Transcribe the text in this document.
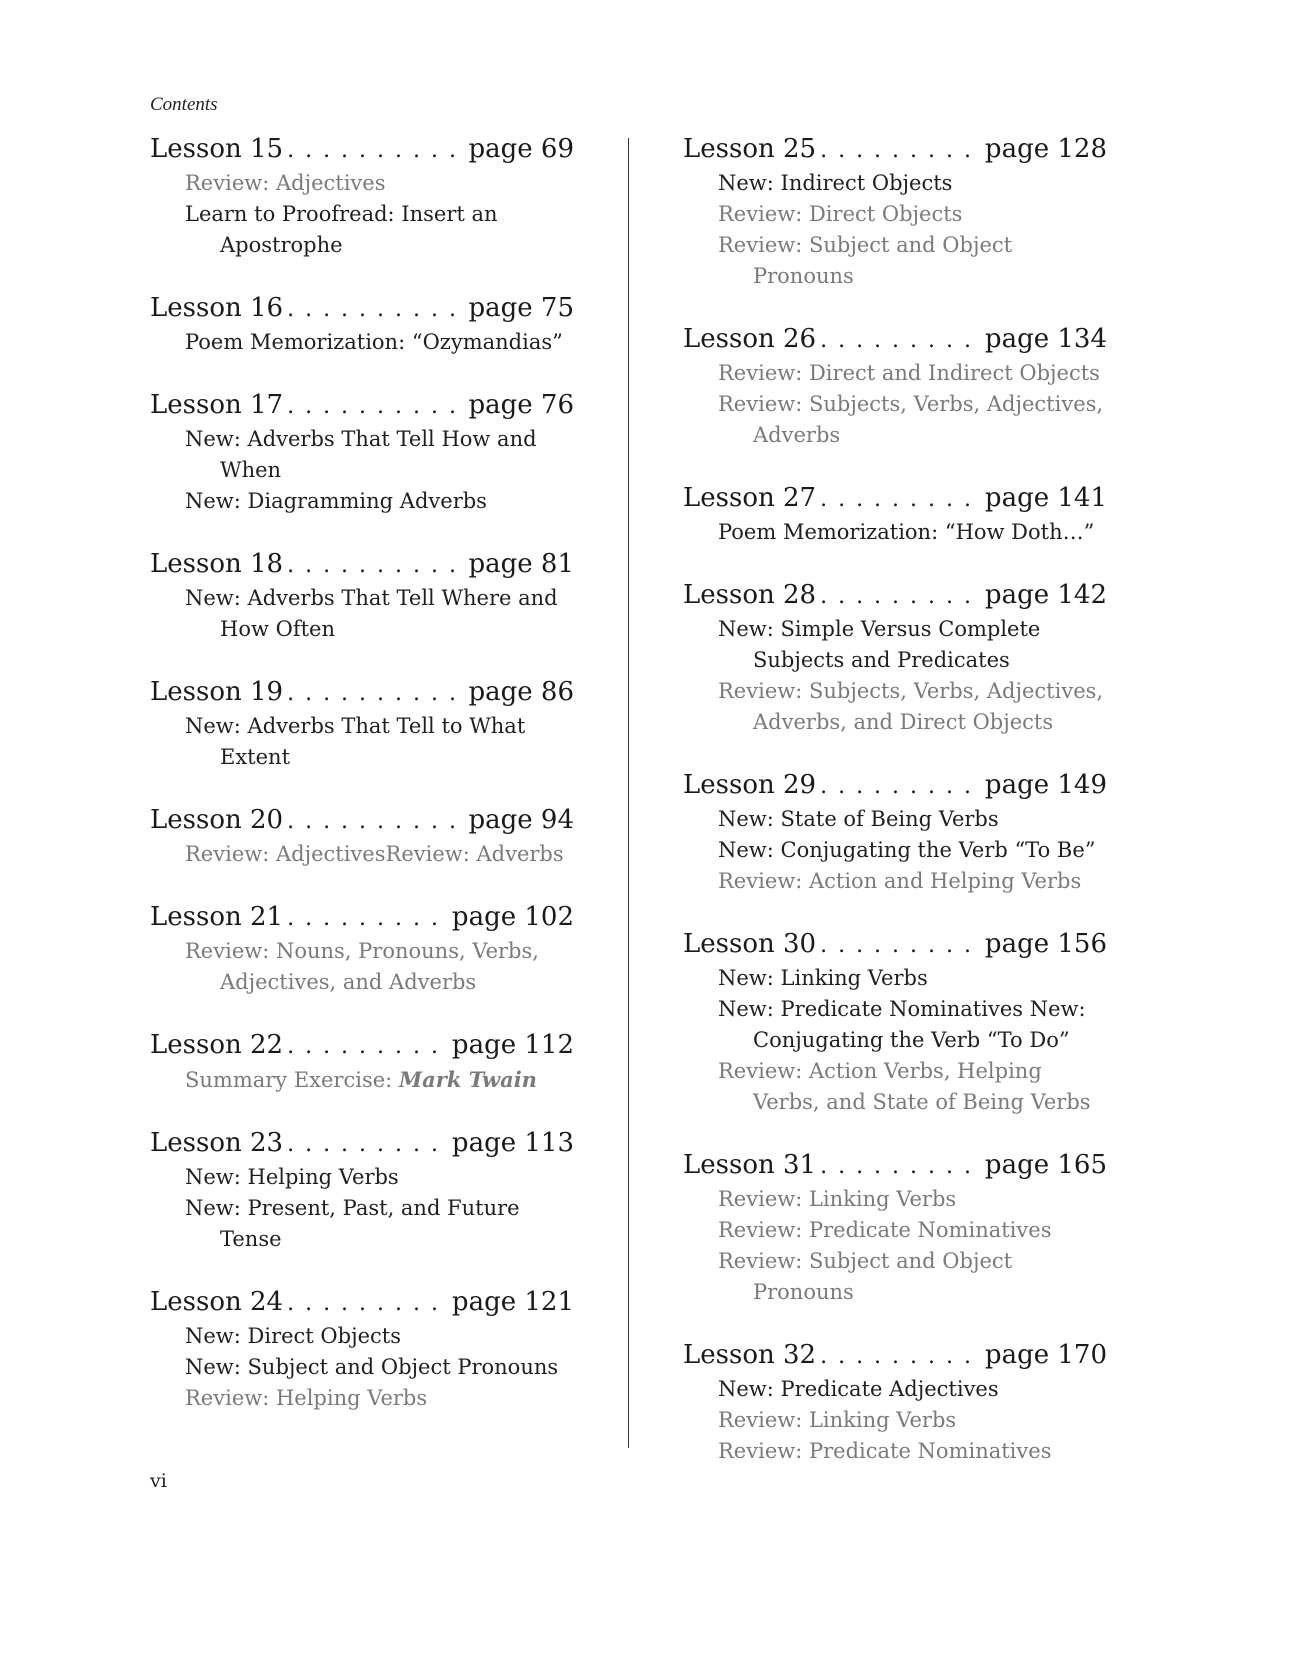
Contents
Lesson 15 . . .	page 69
Review: Adjectives
Learn to Proofread: Insert an Apostrophe
Lesson 16 . . .	page 75
Poem Memorization: “Ozymandias”
Lesson 17 . . .	page 76
New: Adverbs That Tell How and When
New: Diagramming Adverbs
Lesson 18 . . .	page 81
New: Adverbs That Tell Where and How Often
Lesson 19 . . .	page 86
New: Adverbs That Tell to What Extent
Lesson 20 . . .	page 94
Review: AdjectivesReview: Adverbs
Lesson 21 . . .	page 102
Review: Nouns, Pronouns, Verbs, Adjectives, and Adverbs
Lesson 22 . . .	page 112
Summary Exercise: Mark Twain
Lesson 23 . . .	page 113
New: Helping Verbs
New: Present, Past, and Future Tense
Lesson 24 . . .	page 121
New: Direct Objects
New: Subject and Object Pronouns
Review: Helping Verbs
Lesson 25 . . .	page 128
New: Indirect Objects
Review: Direct Objects
Review: Subject and Object Pronouns
Lesson 26 . . .	page 134
Review: Direct and Indirect Objects
Review: Subjects, Verbs, Adjectives, Adverbs
Lesson 27 . . .	page 141
Poem Memorization: “How Doth…”
Lesson 28 . . .	page 142
New: Simple Versus Complete Subjects and Predicates
Review: Subjects, Verbs, Adjectives, Adverbs, and Direct Objects
Lesson 29 . . .	page 149
New: State of Being Verbs
New: Conjugating the Verb “To Be”
Review: Action and Helping Verbs
Lesson 30 . . .	page 156
New: Linking Verbs
New: Predicate Nominatives New: Conjugating the Verb “To Do”
Review: Action Verbs, Helping Verbs, and State of Being Verbs
Lesson 31 . . .	page 165
Review: Linking Verbs
Review: Predicate Nominatives
Review: Subject and Object Pronouns
Lesson 32 . . .	page 170
New: Predicate Adjectives
Review: Linking Verbs
Review: Predicate Nominatives
vi
